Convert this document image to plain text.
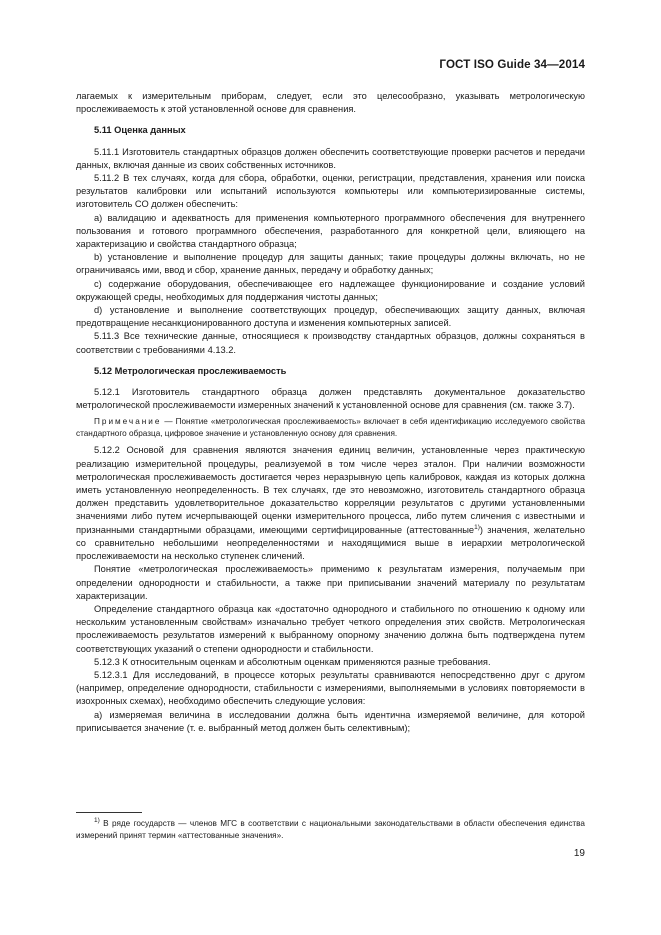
ГОСТ ISO Guide 34—2014

лагаемых к измерительным приборам, следует, если это целесообразно, указывать метрологическую прослеживаемость к этой установленной основе для сравнения.

5.11 Оценка данных

5.11.1 Изготовитель стандартных образцов должен обеспечить соответствующие проверки расчетов и передачи данных, включая данные из своих собственных источников.

5.11.2 В тех случаях, когда для сбора, обработки, оценки, регистрации, представления, хранения или поиска результатов калибровки или испытаний используются компьютеры или компьютеризированные системы, изготовитель СО должен обеспечить:

a) валидацию и адекватность для применения компьютерного программного обеспечения для внутреннего пользования и готового программного обеспечения, разработанного для конкретной цели, влияющего на характеризацию и свойства стандартного образца;

b) установление и выполнение процедур для защиты данных; такие процедуры должны включать, но не ограничиваясь ими, ввод и сбор, хранение данных, передачу и обработку данных;

c) содержание оборудования, обеспечивающее его надлежащее функционирование и создание условий окружающей среды, необходимых для поддержания чистоты данных;

d) установление и выполнение соответствующих процедур, обеспечивающих защиту данных, включая предотвращение несанкционированного доступа и изменения компьютерных записей.

5.11.3 Все технические данные, относящиеся к производству стандартных образцов, должны сохраняться в соответствии с требованиями 4.13.2.

5.12 Метрологическая прослеживаемость

5.12.1 Изготовитель стандартного образца должен представлять документальное доказательство метрологической прослеживаемости измеренных значений к установленной основе для сравнения (см. также 3.7).

Примечание — Понятие «метрологическая прослеживаемость» включает в себя идентификацию исследуемого свойства стандартного образца, цифровое значение и установленную основу для сравнения.

5.12.2 Основой для сравнения являются значения единиц величин, установленные через практическую реализацию измерительной процедуры, реализуемой в том числе через эталон. При наличии возможности метрологическая прослеживаемость достигается через неразрывную цепь калибровок, каждая из которых должна иметь установленную неопределенность. В тех случаях, где это невозможно, изготовитель стандартного образца должен представить удовлетворительное доказательство корреляции результатов с другими установленными значениями либо путем исчерпывающей оценки измерительного процесса, либо путем сличения с известными и признанными стандартными образцами, имеющими сертифицированные (аттестованные$^{1)}$) значения, желательно со сравнительно небольшими неопределенностями и находящимися выше в иерархии метрологической прослеживаемости на несколько ступенек сличений.

Понятие «метрологическая прослеживаемость» применимо к результатам измерения, получаемым при определении однородности и стабильности, а также при приписывании значений материалу по результатам характеризации.

Определение стандартного образца как «достаточно однородного и стабильного по отношению к одному или нескольким установленным свойствам» изначально требует четкого определения этих свойств. Метрологическая прослеживаемость результатов измерений к выбранному опорному значению должна быть подтверждена путем соответствующих указаний о степени однородности и стабильности.

5.12.3 К относительным оценкам и абсолютным оценкам применяются разные требования.

5.12.3.1 Для исследований, в процессе которых результаты сравниваются непосредственно друг с другом (например, определение однородности, стабильности с измерениями, выполняемыми в условиях повторяемости в изохронных схемах), необходимо обеспечить следующие условия:

a) измеряемая величина в исследовании должна быть идентична измеряемой величине, для которой приписывается значение (т. е. выбранный метод должен быть селективным);

$^{1)}$ В ряде государств — членов МГС в соответствии с национальными законодательствами в области обеспечения единства измерений принят термин «аттестованные значения».

19
